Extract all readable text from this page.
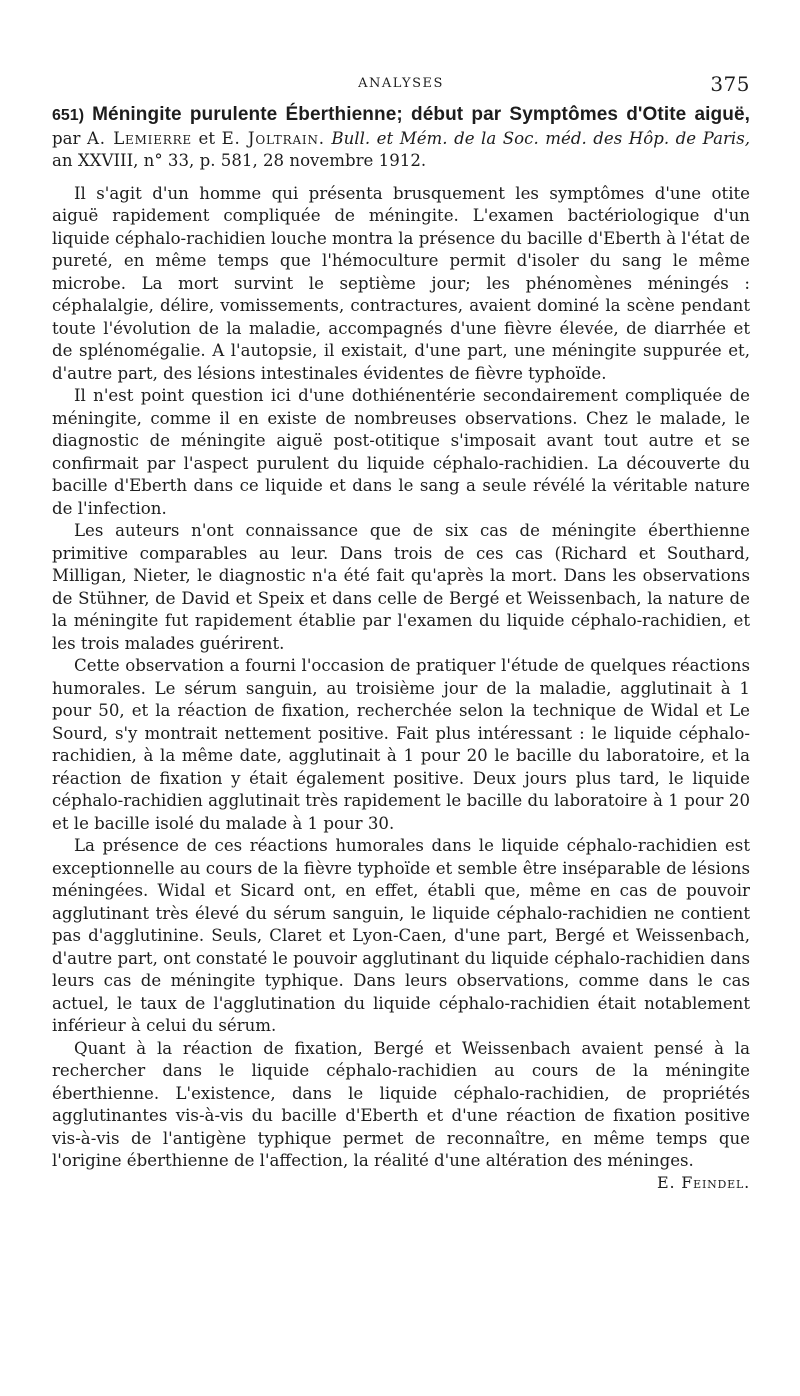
ANALYSES	375
651) Méningite purulente Éberthienne; début par Symptômes d'Otite aiguë, par A. Lemierre et E. Joltrain. Bull. et Mém. de la Soc. méd. des Hôp. de Paris, an XXVIII, n° 33, p. 581, 28 novembre 1912.

Il s'agit d'un homme qui présenta brusquement les symptômes d'une otite aiguë rapidement compliquée de méningite. L'examen bactériologique d'un liquide céphalo-rachidien louche montra la présence du bacille d'Eberth à l'état de pureté, en même temps que l'hémoculture permit d'isoler du sang le même microbe. La mort survint le septième jour; les phénomènes méningés : céphalalgie, délire, vomissements, contractures, avaient dominé la scène pendant toute l'évolution de la maladie, accompagnés d'une fièvre élevée, de diarrhée et de splénomégalie. A l'autopsie, il existait, d'une part, une méningite suppurée et, d'autre part, des lésions intestinales évidentes de fièvre typhoïde.

Il n'est point question ici d'une dothiénentérie secondairement compliquée de méningite, comme il en existe de nombreuses observations. Chez le malade, le diagnostic de méningite aiguë post-otitique s'imposait avant tout autre et se confirmait par l'aspect purulent du liquide céphalo-rachidien. La découverte du bacille d'Eberth dans ce liquide et dans le sang a seule révélé la véritable nature de l'infection.

Les auteurs n'ont connaissance que de six cas de méningite éberthienne primitive comparables au leur. Dans trois de ces cas (Richard et Southard, Milligan, Nieter, le diagnostic n'a été fait qu'après la mort. Dans les observations de Stühner, de David et Speix et dans celle de Bergé et Weissenbach, la nature de la méningite fut rapidement établie par l'examen du liquide céphalo-rachidien, et les trois malades guérirent.

Cette observation a fourni l'occasion de pratiquer l'étude de quelques réactions humorales. Le sérum sanguin, au troisième jour de la maladie, agglutinait à 1 pour 50, et la réaction de fixation, recherchée selon la technique de Widal et Le Sourd, s'y montrait nettement positive. Fait plus intéressant : le liquide céphalo-rachidien, à la même date, agglutinait à 1 pour 20 le bacille du laboratoire, et la réaction de fixation y était également positive. Deux jours plus tard, le liquide céphalo-rachidien agglutinait très rapidement le bacille du laboratoire à 1 pour 20 et le bacille isolé du malade à 1 pour 30.

La présence de ces réactions humorales dans le liquide céphalo-rachidien est exceptionnelle au cours de la fièvre typhoïde et semble être inséparable de lésions méningées. Widal et Sicard ont, en effet, établi que, même en cas de pouvoir agglutinant très élevé du sérum sanguin, le liquide céphalo-rachidien ne contient pas d'agglutinine. Seuls, Claret et Lyon-Caen, d'une part, Bergé et Weissenbach, d'autre part, ont constaté le pouvoir agglutinant du liquide céphalo-rachidien dans leurs cas de méningite typhique. Dans leurs observations, comme dans le cas actuel, le taux de l'agglutination du liquide céphalo-rachidien était notablement inférieur à celui du sérum.

Quant à la réaction de fixation, Bergé et Weissenbach avaient pensé à la rechercher dans le liquide céphalo-rachidien au cours de la méningite éberthienne. L'existence, dans le liquide céphalo-rachidien, de propriétés agglutinantes vis-à-vis du bacille d'Eberth et d'une réaction de fixation positive vis-à-vis de l'antigène typhique permet de reconnaître, en même temps que l'origine éberthienne de l'affection, la réalité d'une altération des méninges.

E. Feindel.
